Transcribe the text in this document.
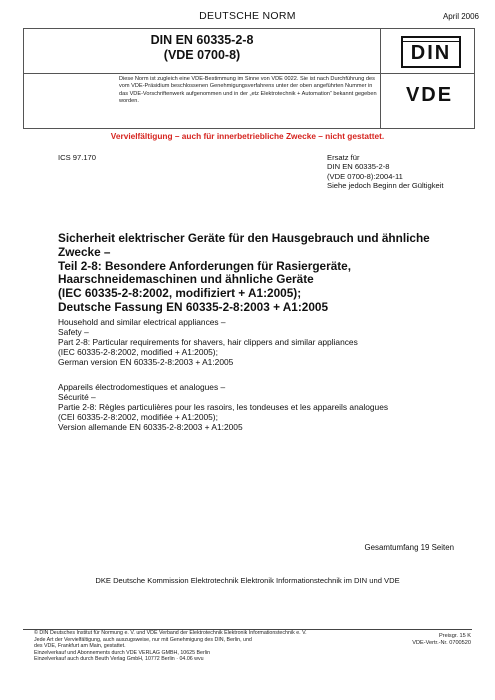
DEUTSCHE NORM	April 2006
DIN EN 60335-2-8
(VDE 0700-8)
Diese Norm ist zugleich eine VDE-Bestimmung im Sinne von VDE 0022. Sie ist nach Durchführung des vom VDE-Präsidium beschlossenen Genehmigungsverfahrens unter der oben angeführten Nummer in das VDE-Vorschriftenwerk aufgenommen und in der „etz Elektrotechnik + Automation“ bekannt gegeben worden.
DIN
VDE
Vervielfältigung – auch für innerbetriebliche Zwecke – nicht gestattet.
ICS 97.170	Ersatz für
DIN EN 60335-2-8
(VDE 0700-8):2004-11
Siehe jedoch Beginn der Gültigkeit
Sicherheit elektrischer Geräte für den Hausgebrauch und ähnliche
Zwecke –
Teil 2-8: Besondere Anforderungen für Rasiergeräte,
Haarschneidemaschinen und ähnliche Geräte
(IEC 60335-2-8:2002, modifiziert + A1:2005);
Deutsche Fassung EN 60335-2-8:2003 + A1:2005
Household and similar electrical appliances –
Safety –
Part 2-8: Particular requirements for shavers, hair clippers and similar appliances
(IEC 60335-2-8:2002, modified + A1:2005);
German version EN 60335-2-8:2003 + A1:2005
Appareils électrodomestiques et analogues –
Sécurité –
Partie 2-8: Règles particulières pour les rasoirs, les tondeuses et les appareils analogues
(CEI 60335-2-8:2002, modifiée + A1:2005);
Version allemande EN 60335-2-8:2003 + A1:2005
Gesamtumfang 19 Seiten
DKE Deutsche Kommission Elektrotechnik Elektronik Informationstechnik im DIN und VDE
© DIN Deutsches Institut für Normung e. V. und VDE Verband der Elektrotechnik Elektronik Informationstechnik e. V.
Jede Art der Vervielfältigung, auch auszugsweise, nur mit Genehmigung des DIN, Berlin, und
des VDE, Frankfurt am Main, gestattet.
Einzelverkauf und Abonnements durch VDE VERLAG GMBH, 10625 Berlin
Einzelverkauf auch durch Beuth Verlag GmbH, 10772 Berlin · 04.06 wvu
Preisgr. 15 K
VDE-Vertr.-Nr. 0700520
